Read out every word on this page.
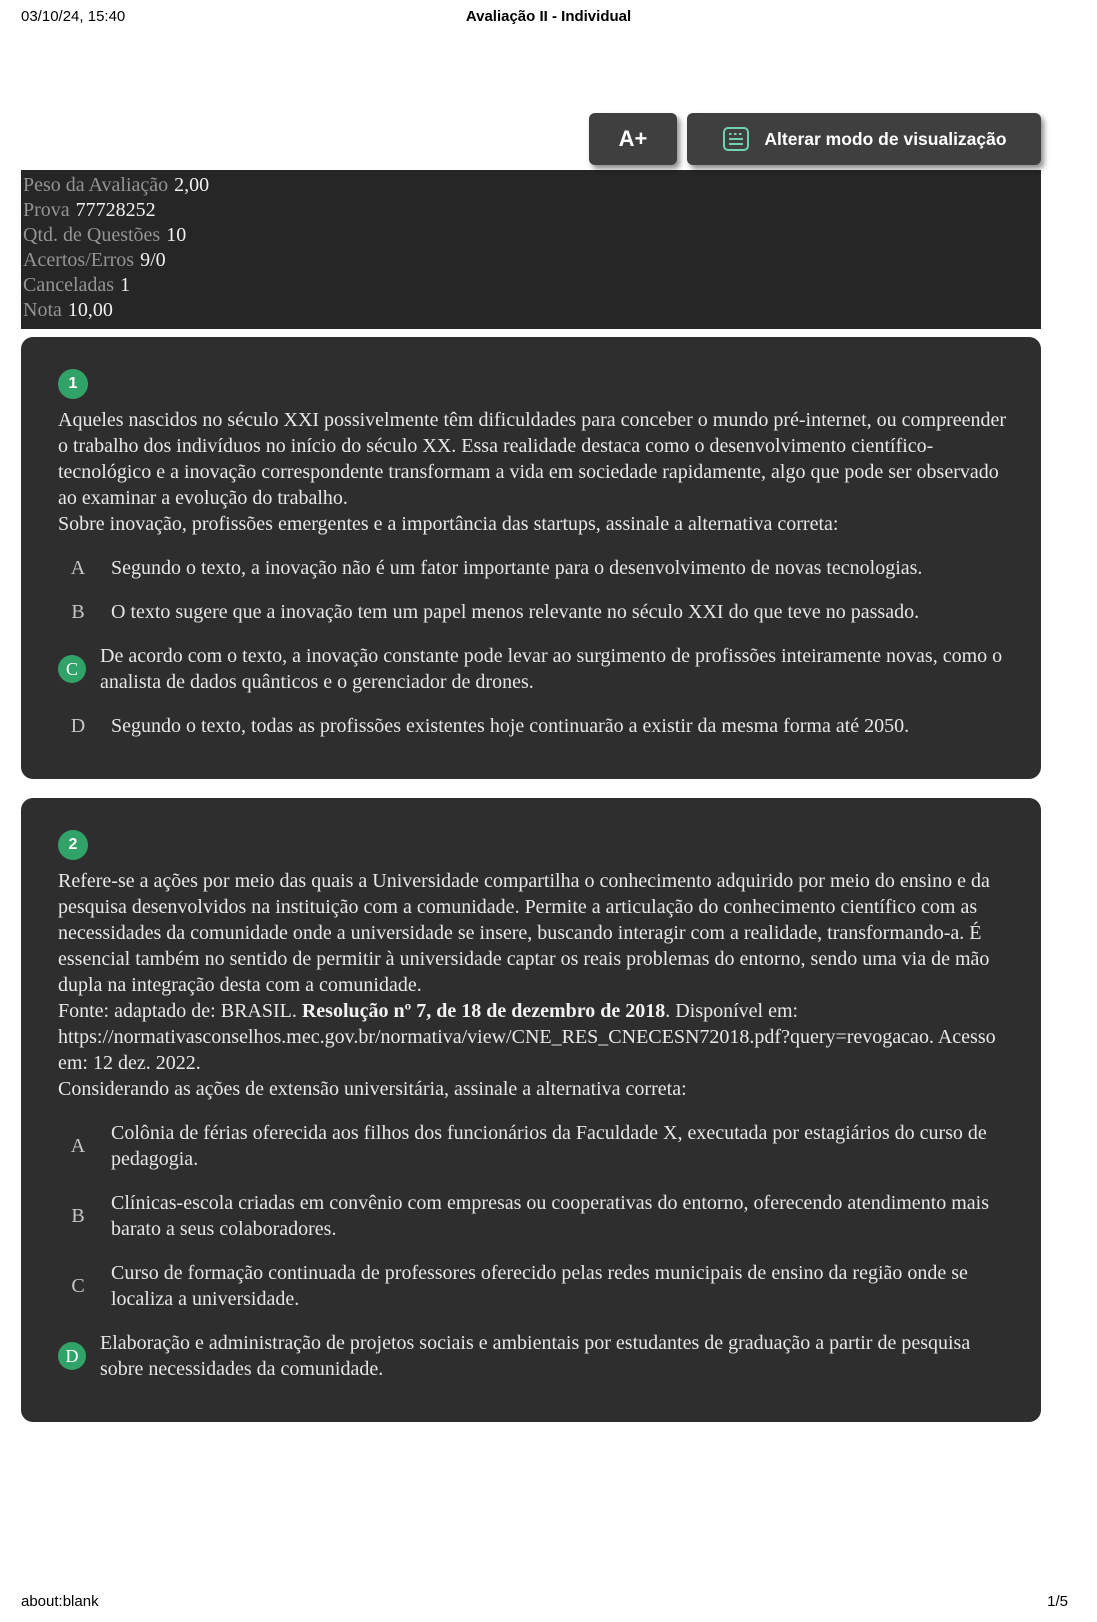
03/10/24, 15:40	Avaliação II - Individual
A+	Alterar modo de visualização
Peso da Avaliação 2,00
Prova 77728252
Qtd. de Questões 10
Acertos/Erros 9/0
Canceladas 1
Nota 10,00
1

Aqueles nascidos no século XXI possivelmente têm dificuldades para conceber o mundo pré-internet, ou compreender o trabalho dos indivíduos no início do século XX. Essa realidade destaca como o desenvolvimento científico-tecnológico e a inovação correspondente transformam a vida em sociedade rapidamente, algo que pode ser observado ao examinar a evolução do trabalho.

Sobre inovação, profissões emergentes e a importância das startups, assinale a alternativa correta:

A	Segundo o texto, a inovação não é um fator importante para o desenvolvimento de novas tecnologias.
B	O texto sugere que a inovação tem um papel menos relevante no século XXI do que teve no passado.
C
De acordo com o texto, a inovação constante pode levar ao surgimento de profissões inteiramente novas, como o analista de dados quânticos e o gerenciador de drones.
D	Segundo o texto, todas as profissões existentes hoje continuarão a existir da mesma forma até 2050.
2

Refere-se a ações por meio das quais a Universidade compartilha o conhecimento adquirido por meio do ensino e da pesquisa desenvolvidos na instituição com a comunidade. Permite a articulação do conhecimento científico com as necessidades da comunidade onde a universidade se insere, buscando interagir com a realidade, transformando-a. É essencial também no sentido de permitir à universidade captar os reais problemas do entorno, sendo uma via de mão dupla na integração desta com a comunidade.

Fonte: adaptado de: BRASIL. Resolução nº 7, de 18 de dezembro de 2018. Disponível em: https://normativasconselhos.mec.gov.br/normativa/view/CNE_RES_CNECESN72018.pdf?query=revogacao. Acesso em: 12 dez. 2022.

Considerando as ações de extensão universitária, assinale a alternativa correta:

A
Colônia de férias oferecida aos filhos dos funcionários da Faculdade X, executada por estagiários do curso de pedagogia.
B
Clínicas-escola criadas em convênio com empresas ou cooperativas do entorno, oferecendo atendimento mais barato a seus colaboradores.
C
Curso de formação continuada de professores oferecido pelas redes municipais de ensino da região onde se localiza a universidade.
D
Elaboração e administração de projetos sociais e ambientais por estudantes de graduação a partir de pesquisa sobre necessidades da comunidade.
about:blank	1/5
